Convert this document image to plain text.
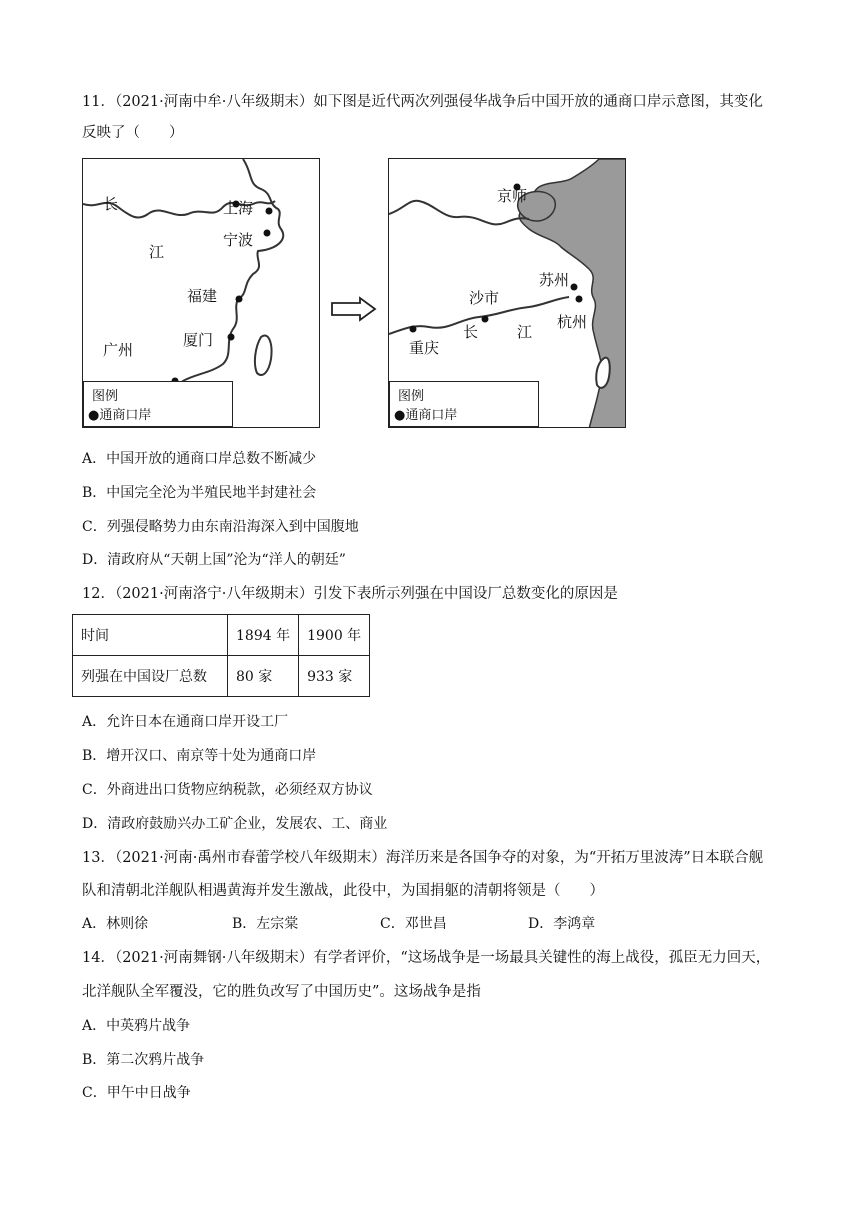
11．（2021·河南中牟·八年级期末）如下图是近代两次列强侵华战争后中国开放的通商口岸示意图，其变化
反映了（　　）
长
江
上海
宁波
福建
厦门
广州
图例
●通商口岸
京师
苏州
沙市
长	江
杭州
重庆
图例
●通商口岸
A．中国开放的通商口岸总数不断减少
B．中国完全沦为半殖民地半封建社会
C．列强侵略势力由东南沿海深入到中国腹地
D．清政府从“天朝上国”沦为“洋人的朝廷”
12．（2021·河南洛宁·八年级期末）引发下表所示列强在中国设厂总数变化的原因是
时间	1894 年	1900 年
列强在中国设厂总数	80 家	933 家
A．允许日本在通商口岸开设工厂
B．增开汉口、南京等十处为通商口岸
C．外商进出口货物应纳税款，必须经双方协议
D．清政府鼓励兴办工矿企业，发展农、工、商业
13．（2021·河南·禹州市春蕾学校八年级期末）海洋历来是各国争夺的对象，为“开拓万里波涛”日本联合舰
队和清朝北洋舰队相遇黄海并发生激战，此役中，为国捐躯的清朝将领是（　　）
A．林则徐	B．左宗棠	C．邓世昌	D．李鸿章
14．（2021·河南舞钢·八年级期末）有学者评价，“这场战争是一场最具关键性的海上战役，孤臣无力回天，
北洋舰队全军覆没，它的胜负改写了中国历史”。这场战争是指
A．中英鸦片战争
B．第二次鸦片战争
C．甲午中日战争
